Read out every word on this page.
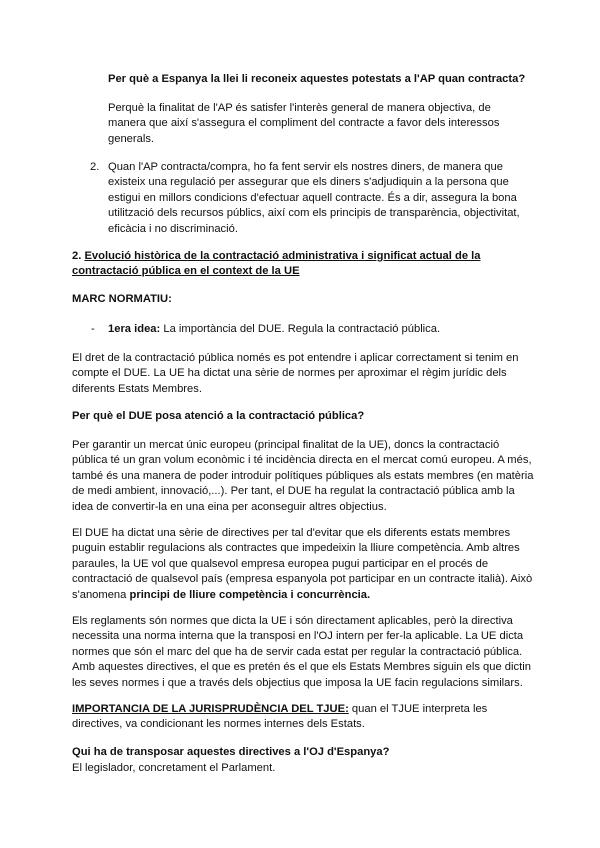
Per què a Espanya la llei li reconeix aquestes potestats a l'AP quan contracta?

Perquè la finalitat de l'AP és satisfer l'interès general de manera objectiva, de manera que així s'assegura el compliment del contracte a favor dels interessos generals.

2. Quan l'AP contracta/compra, ho fa fent servir els nostres diners, de manera que existeix una regulació per assegurar que els diners s'adjudiquin a la persona que estigui en millors condicions d'efectuar aquell contracte. És a dir, assegura la bona utilització dels recursos públics, així com els principis de transparència, objectivitat, eficàcia i no discriminació.

2. Evolució històrica de la contractació administrativa i significat actual de la contractació pública en el context de la UE

MARC NORMATIU:

- 1era idea: La importància del DUE. Regula la contractació pública.

El dret de la contractació pública només es pot entendre i aplicar correctament si tenim en compte el DUE. La UE ha dictat una sèrie de normes per aproximar el règim jurídic dels diferents Estats Membres.

Per què el DUE posa atenció a la contractació pública?

Per garantir un mercat únic europeu (principal finalitat de la UE), doncs la contractació pública té un gran volum econòmic i té incidència directa en el mercat comú europeu. A més, també és una manera de poder introduir polítiques públiques als estats membres (en matèria de medi ambient, innovació,...). Per tant, el DUE ha regulat la contractació pública amb la idea de convertir-la en una eina per aconseguir altres objectius.

El DUE ha dictat una sèrie de directives per tal d'evitar que els diferents estats membres puguin establir regulacions als contractes que impedeixin la lliure competència. Amb altres paraules, la UE vol que qualsevol empresa europea pugui participar en el procés de contractació de qualsevol país (empresa espanyola pot participar en un contracte italià). Això s'anomena principi de lliure competència i concurrència.

Els reglaments són normes que dicta la UE i són directament aplicables, però la directiva necessita una norma interna que la transposi en l'OJ intern per fer-la aplicable. La UE dicta normes que són el marc del que ha de servir cada estat per regular la contractació pública. Amb aquestes directives, el que es pretén és el que els Estats Membres siguin els que dictin les seves normes i que a través dels objectius que imposa la UE facin regulacions similars.

IMPORTANCIA DE LA JURISPRUDÈNCIA DEL TJUE: quan el TJUE interpreta les directives, va condicionant les normes internes dels Estats.

Qui ha de transposar aquestes directives a l'OJ d'Espanya?

El legislador, concretament el Parlament.
